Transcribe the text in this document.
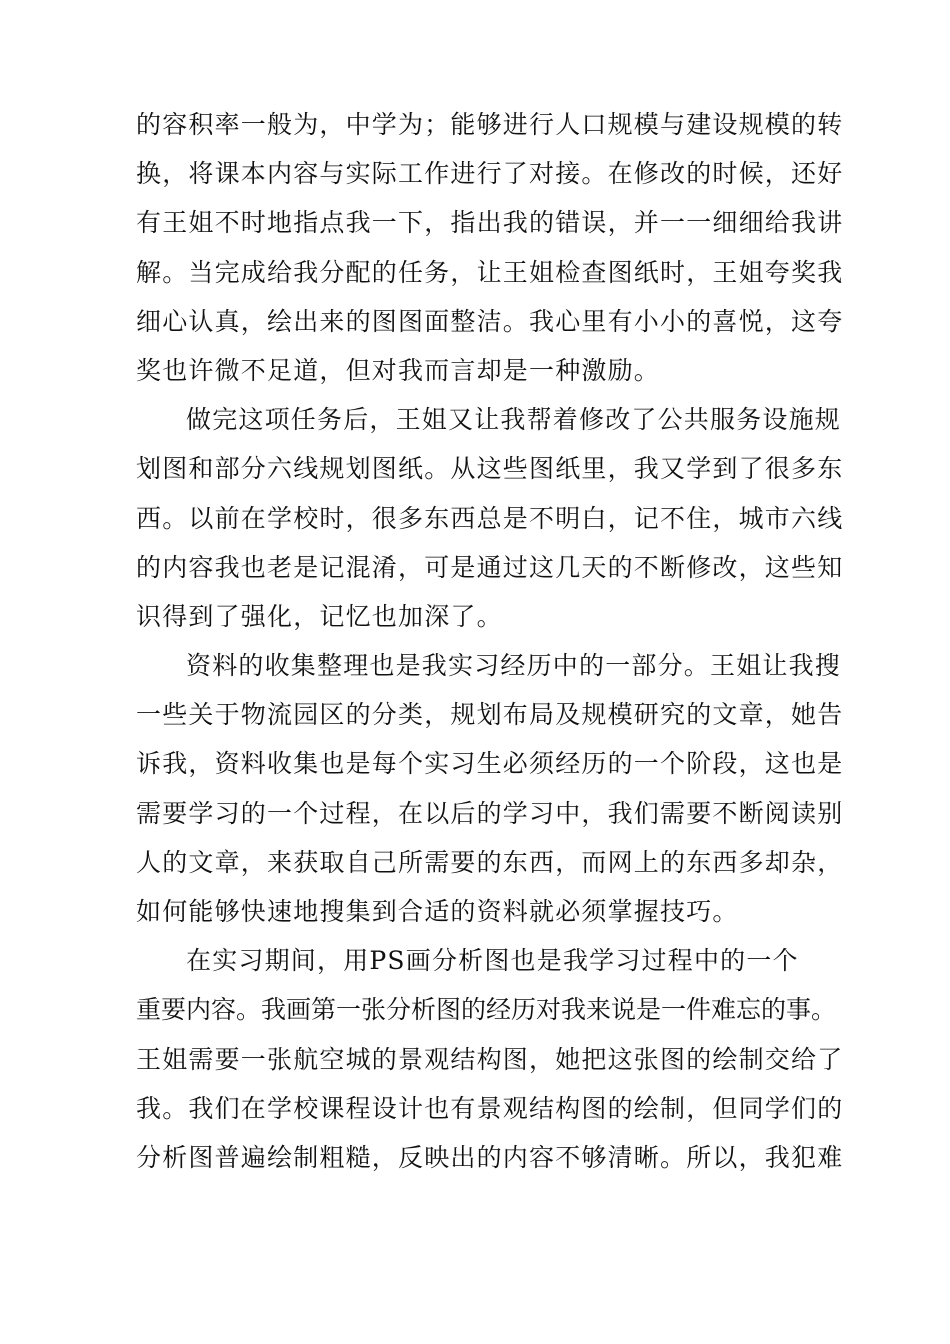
的容积率一般为，中学为；能够进行人口规模与建设规模的转
换，将课本内容与实际工作进行了对接。在修改的时候，还好
有王姐不时地指点我一下，指出我的错误，并一一细细给我讲
解。当完成给我分配的任务，让王姐检查图纸时，王姐夸奖我
细心认真，绘出来的图图面整洁。我心里有小小的喜悦，这夸
奖也许微不足道，但对我而言却是一种激励。
做完这项任务后，王姐又让我帮着修改了公共服务设施规
划图和部分六线规划图纸。从这些图纸里，我又学到了很多东
西。以前在学校时，很多东西总是不明白，记不住，城市六线
的内容我也老是记混淆，可是通过这几天的不断修改，这些知
识得到了强化，记忆也加深了。
资料的收集整理也是我实习经历中的一部分。王姐让我搜
一些关于物流园区的分类，规划布局及规模研究的文章，她告
诉我，资料收集也是每个实习生必须经历的一个阶段，这也是
需要学习的一个过程，在以后的学习中，我们需要不断阅读别
人的文章，来获取自己所需要的东西，而网上的东西多却杂，
如何能够快速地搜集到合适的资料就必须掌握技巧。
在实习期间，用PS画分析图也是我学习过程中的一个
重要内容。我画第一张分析图的经历对我来说是一件难忘的事。
王姐需要一张航空城的景观结构图，她把这张图的绘制交给了
我。我们在学校课程设计也有景观结构图的绘制，但同学们的
分析图普遍绘制粗糙，反映出的内容不够清晰。所以，我犯难
